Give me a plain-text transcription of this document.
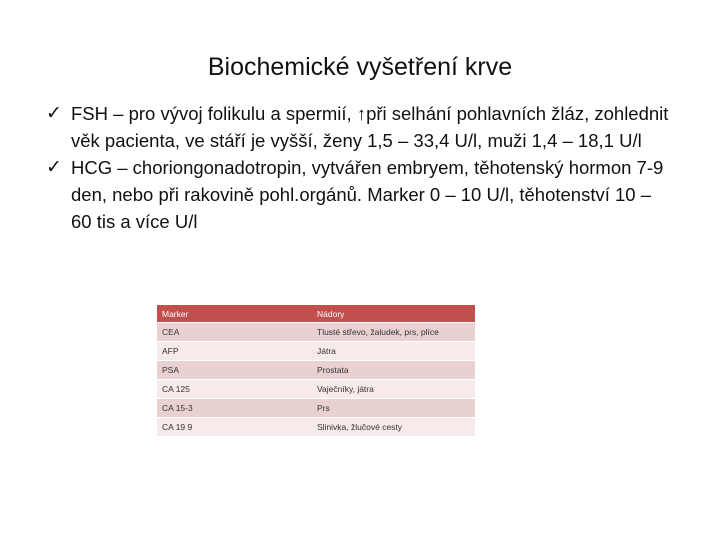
Biochemické vyšetření krve
✓ FSH – pro vývoj folikulu a spermií, ↑při selhání pohlavních žláz, zohlednit věk pacienta, ve stáří je vyšší, ženy 1,5 – 33,4 U/l, muži 1,4 – 18,1 U/l
✓ HCG – choriongonadotropin, vytvářen embryem, těhotenský hormon 7-9 den, nebo při rakovině pohl.orgánů. Marker 0 – 10 U/l, těhotenství 10 – 60 tis a více U/l
Marker	Nádory
CEA	Tlusté střevo, žaludek, prs, plíce
AFP	Játra
PSA	Prostata
CA 125	Vaječníky, játra
CA 15-3	Prs
CA 19 9	Slinivka, žlučové cesty
